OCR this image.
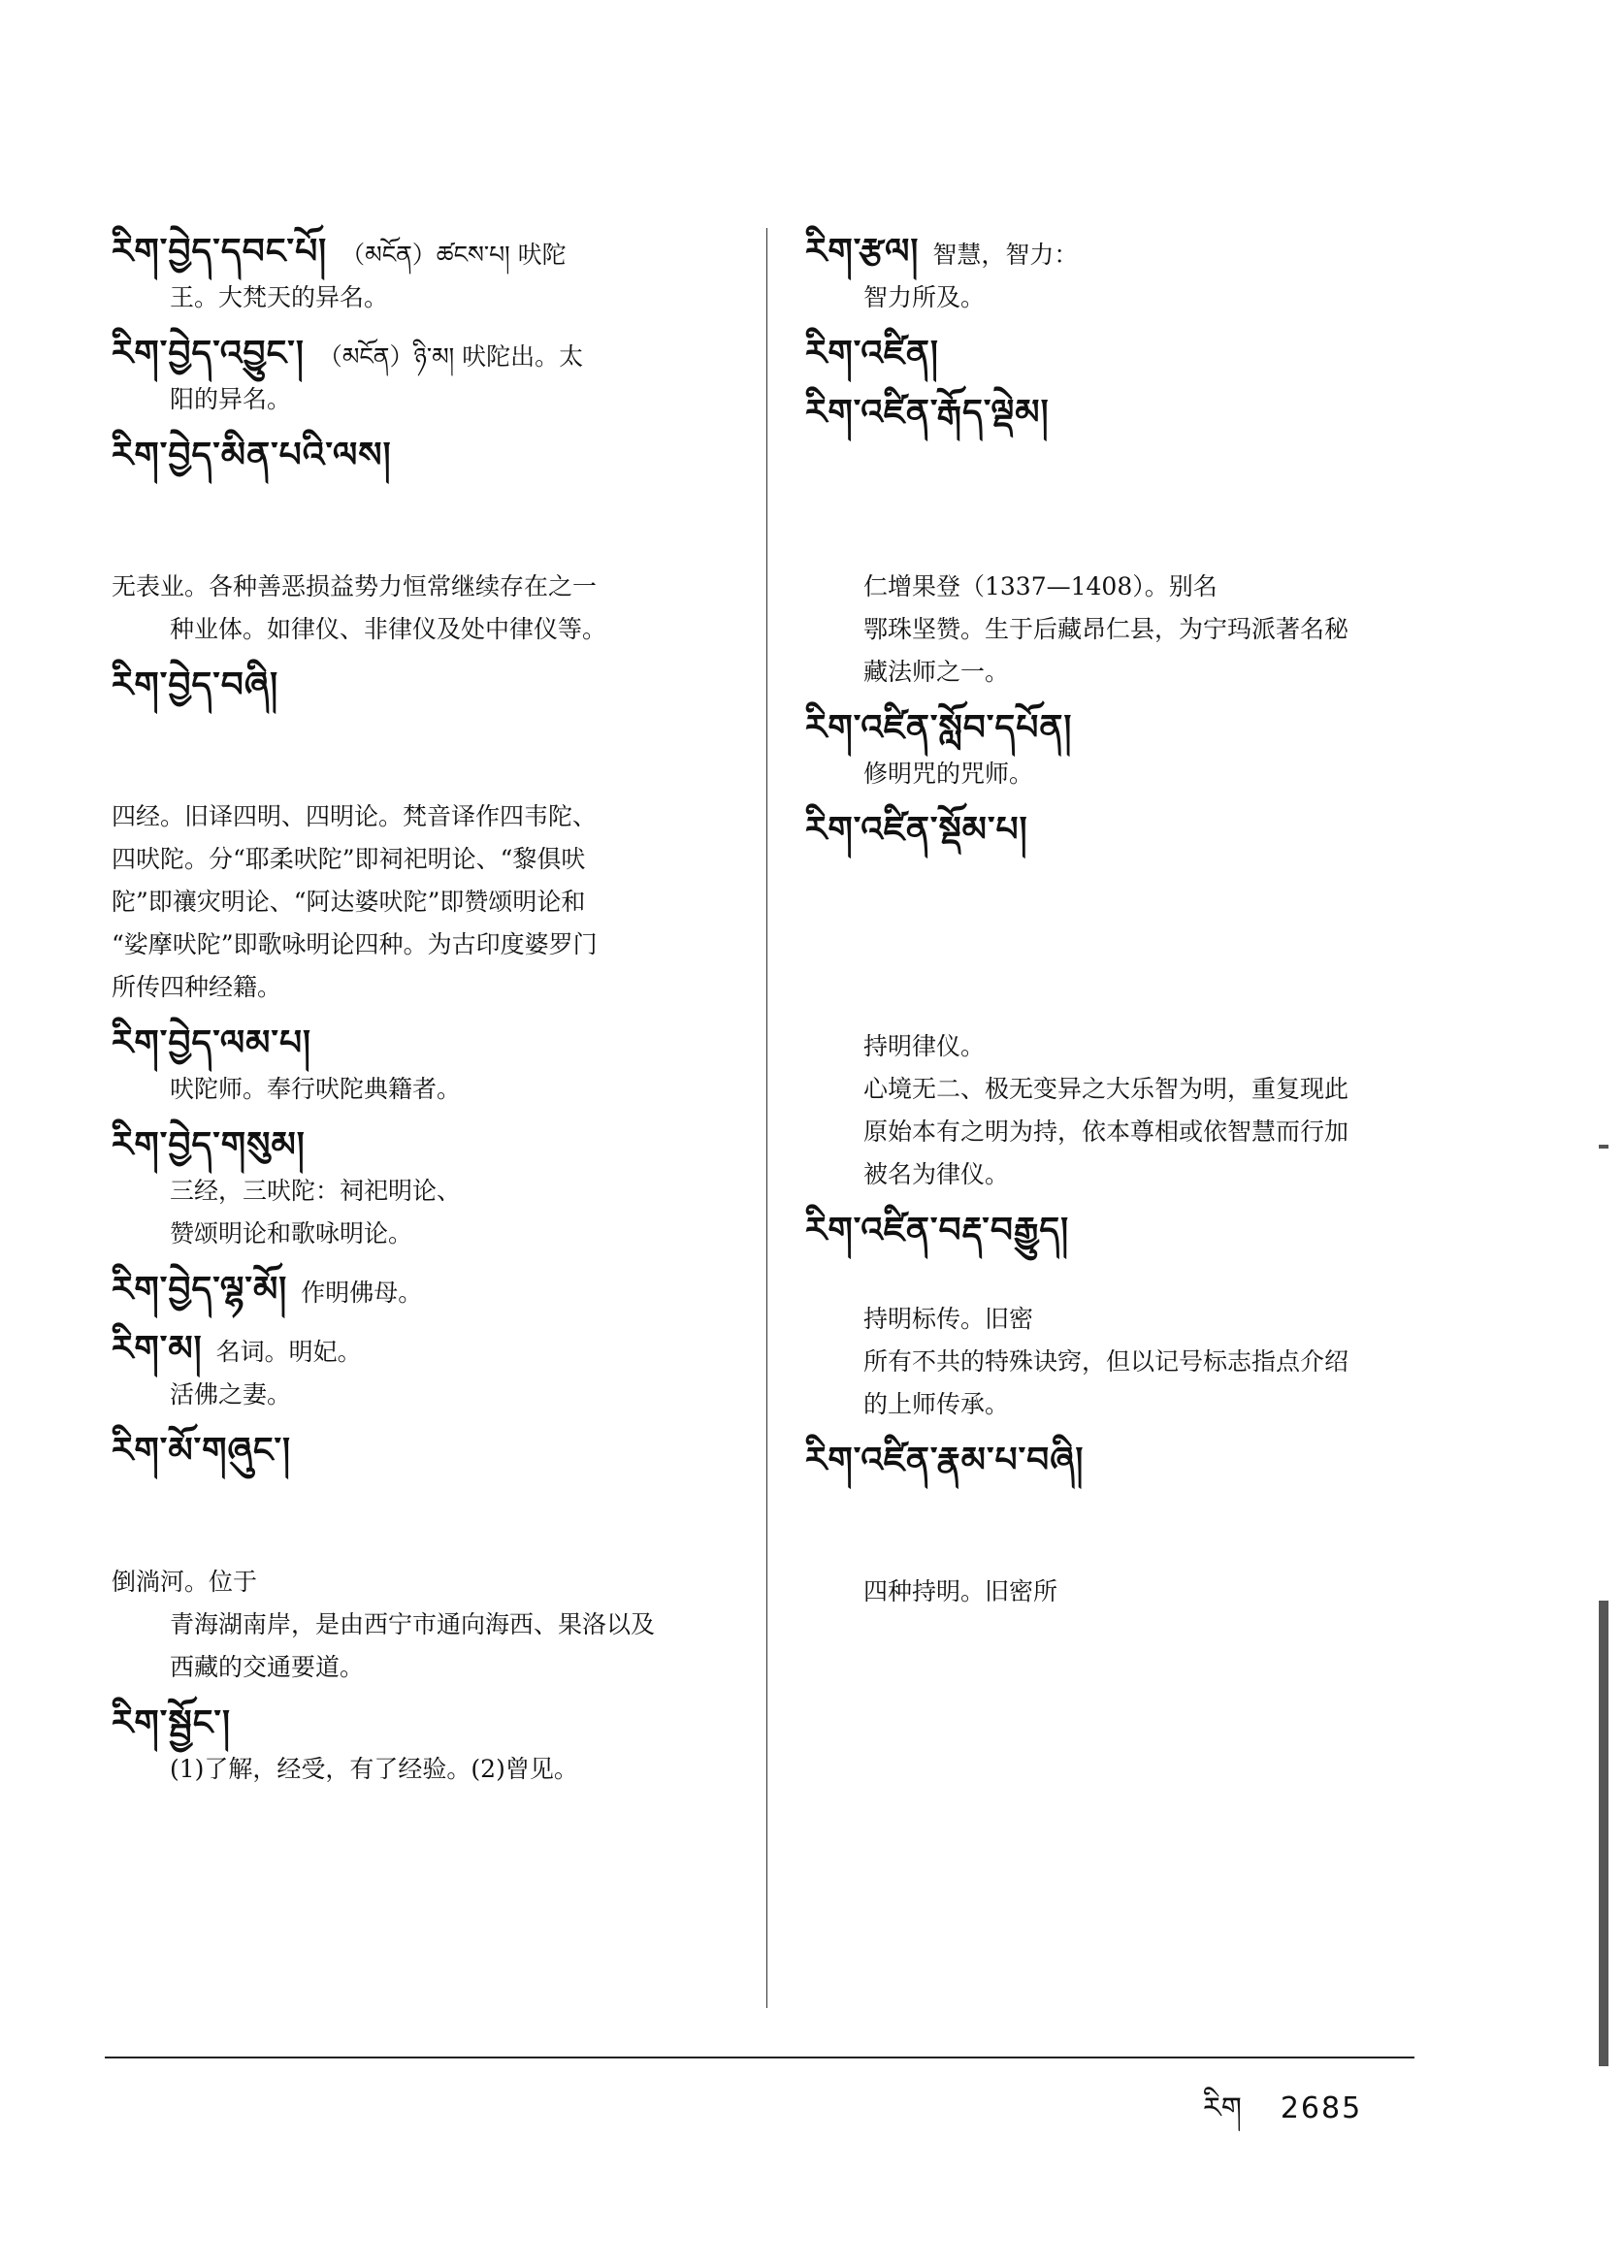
རིག་བྱེད་དབང་པོ། （མངོན）ཚངས་པ། 吠陀
王。大梵天的异名。
རིག་བྱེད་འབྱུང་། （མངོན）ཉི་མ། 吠陀出。太
阳的异名。
རིག་བྱེད་མིན་པའི་ལས།
无表业。各种善恶损益势力恒常继续存在之一
种业体。如律仪、非律仪及处中律仪等。
རིག་བྱེད་བཞི།
四经。旧译四明、四明论。梵音译作四韦陀、
四吠陀。分“耶柔吠陀”即祠祀明论、“黎俱吠
陀”即禳灾明论、“阿达婆吠陀”即赞颂明论和
“娑摩吠陀”即歌咏明论四种。为古印度婆罗门
所传四种经籍。
རིག་བྱེད་ལམ་པ།
吠陀师。奉行吠陀典籍者。
རིག་བྱེད་གསུམ།
三经，三吠陀：祠祀明论、
赞颂明论和歌咏明论。
རིག་བྱེད་ལྷ་མོ། 作明佛母。
རིག་མ། 名词。明妃。
活佛之妻。
རིག་མོ་གཞུང་།
倒淌河。位于
青海湖南岸，是由西宁市通向海西、果洛以及
西藏的交通要道。
རིག་སྦྱོང་།
(1)了解，经受，有了经验。(2)曾见。
རིག་རྩལ། 智慧，智力：
智力所及。
རིག་འཛིན།
རིག་འཛིན་རྒོད་ལྡེམ།
仁增果登（1337—1408）。别名
鄂珠坚赞。生于后藏昂仁县，为宁玛派著名秘
藏法师之一。
རིག་འཛིན་སློབ་དཔོན།
修明咒的咒师。
རིག་འཛིན་སྡོམ་པ།
持明律仪。
心境无二、极无变异之大乐智为明，重复现此
原始本有之明为持，依本尊相或依智慧而行加
被名为律仪。
རིག་འཛིན་བརྡ་བརྒྱུད།
持明标传。旧密
所有不共的特殊诀窍，但以记号标志指点介绍
的上师传承。
རིག་འཛིན་རྣམ་པ་བཞི།
四种持明。旧密所
རིག 2685
